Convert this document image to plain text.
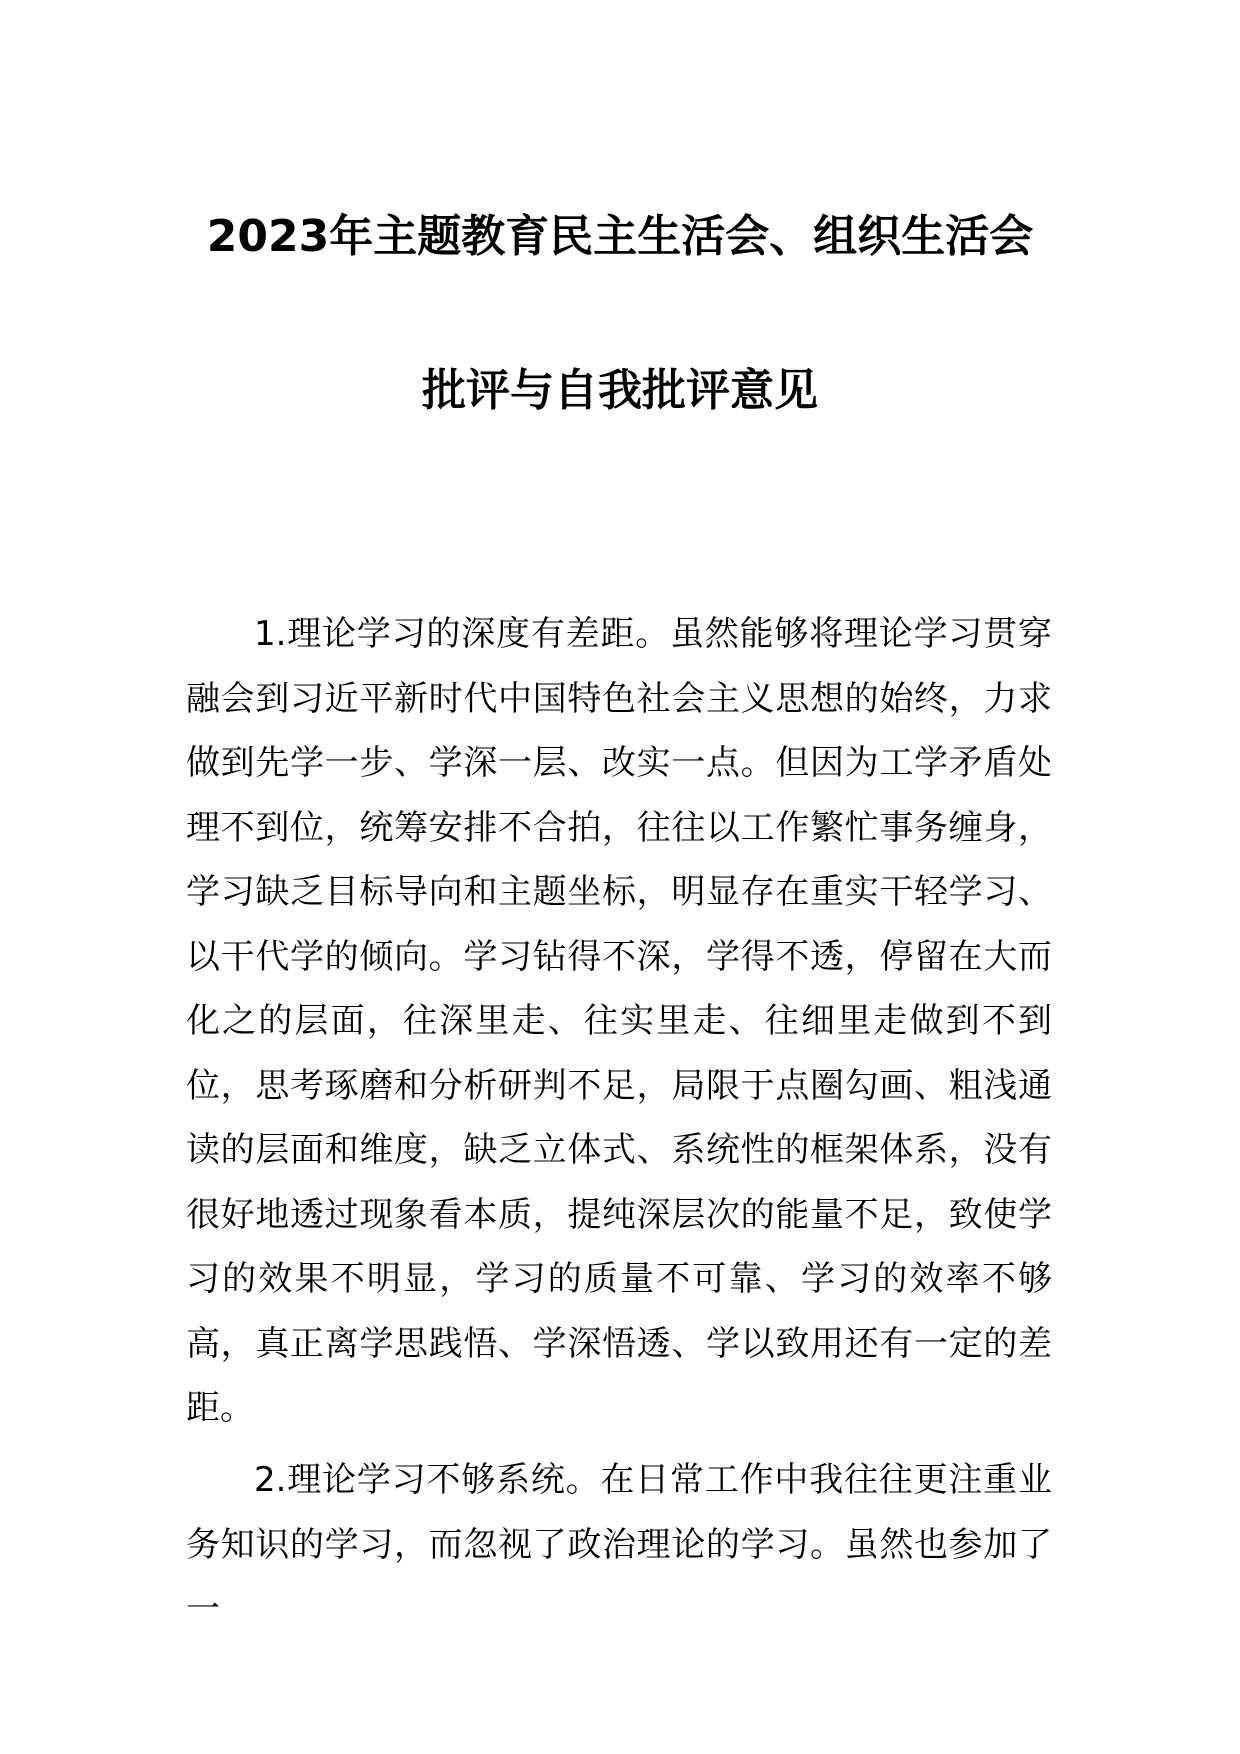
2023年主题教育民主生活会、组织生活会
批评与自我批评意见
1.理论学习的深度有差距。虽然能够将理论学习贯穿融会到习近平新时代中国特色社会主义思想的始终，力求做到先学一步、学深一层、改实一点。但因为工学矛盾处理不到位，统筹安排不合拍，往往以工作繁忙事务缠身，学习缺乏目标导向和主题坐标，明显存在重实干轻学习、以干代学的倾向。学习钻得不深，学得不透，停留在大而化之的层面，往深里走、往实里走、往细里走做到不到位，思考琢磨和分析研判不足，局限于点圈勾画、粗浅通读的层面和维度，缺乏立体式、系统性的框架体系，没有很好地透过现象看本质，提纯深层次的能量不足，致使学习的效果不明显，学习的质量不可靠、学习的效率不够高，真正离学思践悟、学深悟透、学以致用还有一定的差距。
2.理论学习不够系统。在日常工作中我往往更注重业务知识的学习，而忽视了政治理论的学习。虽然也参加了一
